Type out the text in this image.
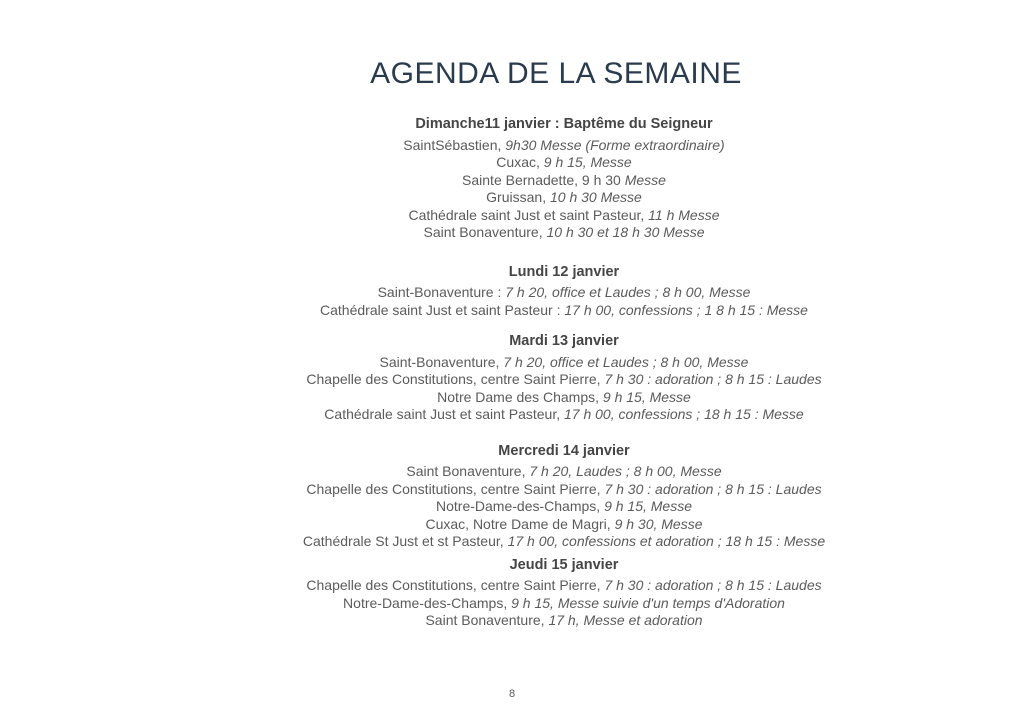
AGENDA DE LA SEMAINE
Dimanche11 janvier : Baptême du Seigneur

SaintSébastien, 9h30 Messe (Forme extraordinaire)

Cuxac, 9 h 15, Messe

Sainte Bernadette, 9 h 30 Messe

Gruissan, 10 h 30 Messe

Cathédrale saint Just et saint Pasteur, 11 h Messe

Saint Bonaventure, 10 h 30 et 18 h 30 Messe

Lundi 12 janvier

Saint-Bonaventure : 7 h 20, office et Laudes ; 8 h 00, Messe

Cathédrale saint Just et saint Pasteur : 17 h 00, confessions ; 1 8 h 15 : Messe

Mardi 13 janvier

Saint-Bonaventure, 7 h 20, office et Laudes ; 8 h 00, Messe

Chapelle des Constitutions, centre Saint Pierre, 7 h 30 : adoration ; 8 h 15 : Laudes

Notre Dame des Champs, 9 h 15, Messe

Cathédrale saint Just et saint Pasteur, 17 h 00, confessions ; 18 h 15 : Messe

Mercredi 14 janvier

Saint Bonaventure, 7 h 20, Laudes ; 8 h 00, Messe

Chapelle des Constitutions, centre Saint Pierre, 7 h 30 : adoration ; 8 h 15 : Laudes

Notre-Dame-des-Champs, 9 h 15, Messe

Cuxac, Notre Dame de Magri, 9 h 30, Messe

Cathédrale St Just et st Pasteur, 17 h 00, confessions et adoration ; 18 h 15 : Messe

Jeudi 15 janvier

Chapelle des Constitutions, centre Saint Pierre, 7 h 30 : adoration ; 8 h 15 : Laudes

Notre-Dame-des-Champs, 9 h 15, Messe suivie d'un temps d'Adoration

Saint Bonaventure, 17 h, Messe et adoration

8
